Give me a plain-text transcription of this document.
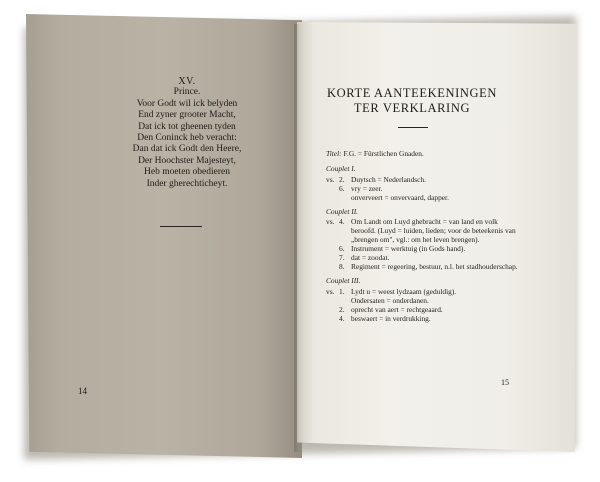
XV.
Prince.
Voor Godt wil ick belyden
End zyner grooter Macht,
Dat ick tot gheenen tyden
Den Coninck heb veracht:
Dan dat ick Godt den Heere,
Der Hoochster Majesteyt,
Heb moeten obedieren
Inder gherechticheyt.
14
KORTE AANTEEKENINGEN
TER VERKLARING
Titel: F.G. = Fürstlichen Gnaden.
Couplet I.
vs. 2. Duytsch = Nederlandsch.
6. vry = zeer.
onverveert = onvervaard, dapper.
Couplet II.
vs. 4. Om Landt om Luyd ghebracht = van land en volk beroofd. (Luyd = luiden, lieden; voor de beteekenis van „brengen om", vgl.: om het leven brengen).
6. Instrument = werktuig (in Gods hand).
7. dat = zoodat.
8. Regiment = regeering, bestuur, n.l. het stadhouderschap.
Couplet III.
vs. 1. Lydt u = weest lydzaam (geduldig).
Ondersaten = onderdanen.
2. oprecht van aert = rechtgeaard.
4. beswaert = in verdrukking.
15
